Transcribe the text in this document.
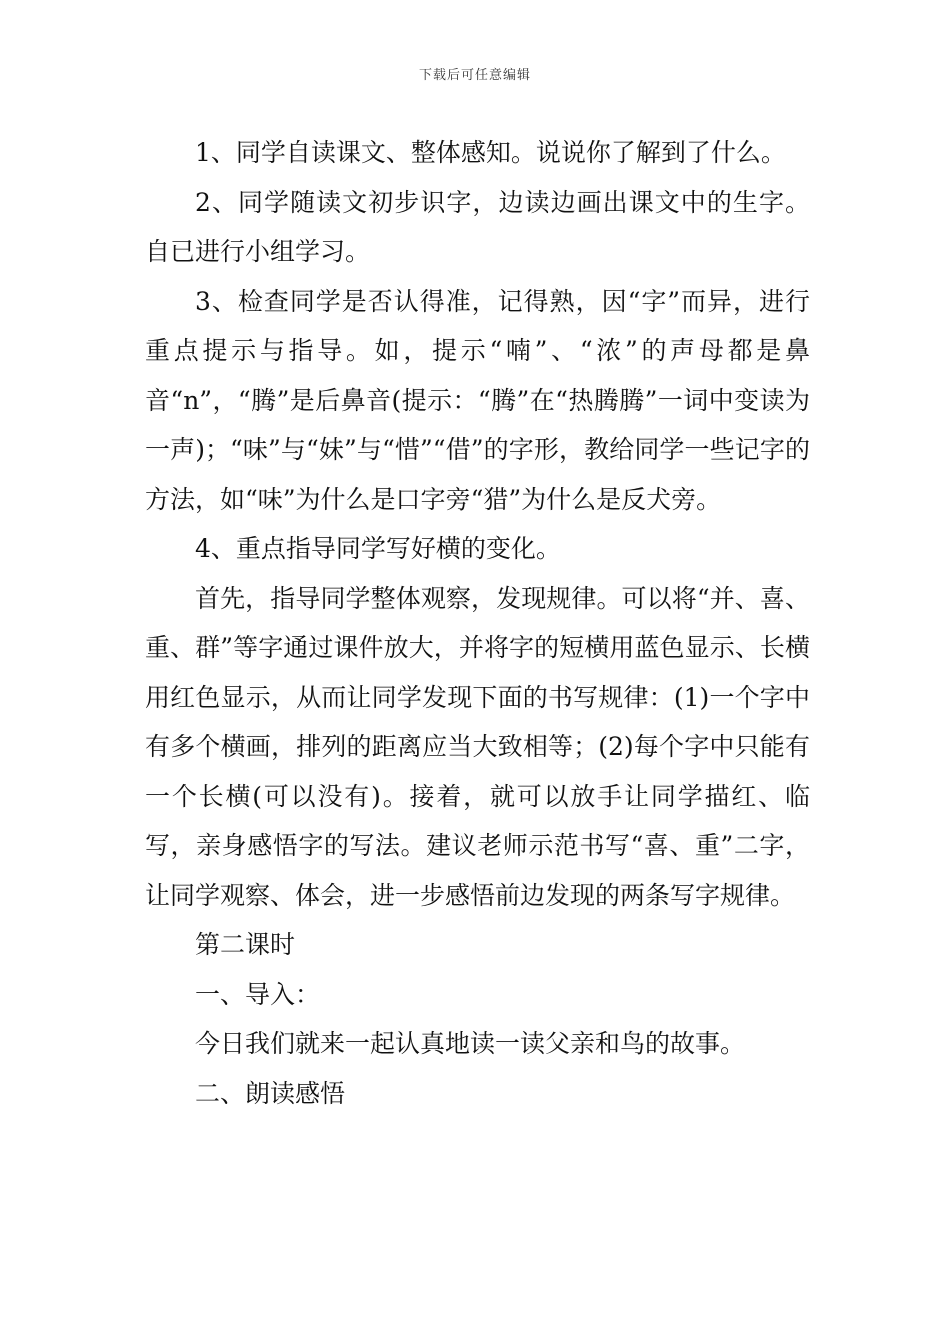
下载后可任意编辑

1、同学自读课文、整体感知。说说你了解到了什么。

2、同学随读文初步识字，边读边画出课文中的生字。自已进行小组学习。

3、检查同学是否认得准，记得熟，因“字”而异，进行重点提示与指导。如，提示“喃”、“浓”的声母都是鼻音“n”，“腾”是后鼻音(提示：“腾”在“热腾腾”一词中变读为一声)；“味”与“妹”与“惜”“借”的字形，教给同学一些记字的方法，如“味”为什么是口字旁“猎”为什么是反犬旁。

4、重点指导同学写好横的变化。

首先，指导同学整体观察，发现规律。可以将“并、喜、重、群”等字通过课件放大，并将字的短横用蓝色显示、长横用红色显示，从而让同学发现下面的书写规律：(1)一个字中有多个横画，排列的距离应当大致相等；(2)每个字中只能有一个长横(可以没有)。接着，就可以放手让同学描红、临写，亲身感悟字的写法。建议老师示范书写“喜、重”二字，让同学观察、体会，进一步感悟前边发现的两条写字规律。

第二课时

一、导入：

今日我们就来一起认真地读一读父亲和鸟的故事。

二、朗读感悟
